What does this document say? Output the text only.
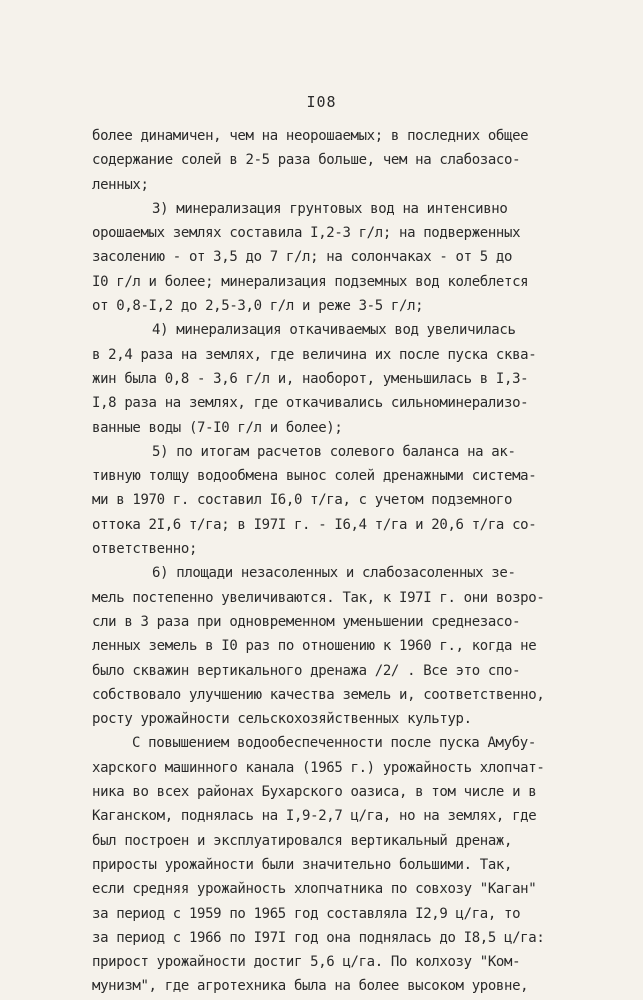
I08
более динамичен, чем на неорошаемых; в последних общее
содержание солей в 2-5 раза больше, чем на слабозасо-
ленных;
3) минерализация грунтовых вод на интенсивно
орошаемых землях составила I,2-3 г/л; на подверженных
засолению - от 3,5 до 7 г/л; на солончаках - от 5 до
I0 г/л и более; минерализация подземных вод колеблется
от 0,8-I,2 до 2,5-3,0 г/л и реже 3-5 г/л;
4) минерализация откачиваемых вод увеличилась
в 2,4 раза на землях, где величина их после пуска сква-
жин была 0,8 - 3,6 г/л и, наоборот, уменьшилась в I,3-
I,8 раза на землях, где откачивались сильноминерализо-
ванные воды (7-I0 г/л и более);
5) по итогам расчетов солевого баланса на ак-
тивную толщу водообмена вынос солей дренажными система-
ми в 1970 г. составил I6,0 т/га, с учетом подземного
оттока 2I,6 т/га; в I97I г. - I6,4 т/га и 20,6 т/га со-
ответственно;
6) площади незасоленных и слабозасоленных зе-
мель постепенно увеличиваются. Так, к I97I г. они возро-
сли в 3 раза при одновременном уменьшении среднезасо-
ленных земель в I0 раз по отношению к 1960 г., когда не
было скважин вертикального дренажа /2/ . Все это спо-
собствовало улучшению качества земель и, соответственно,
росту урожайности сельскохозяйственных культур.
С повышением водообеспеченности после пуска Амубу-
харского машинного канала (1965 г.) урожайность хлопчат-
ника во всех районах Бухарского оазиса, в том числе и в
Каганском, поднялась на I,9-2,7 ц/га, но на землях, где
был построен и эксплуатировался вертикальный дренаж,
приросты урожайности были значительно большими. Так,
если средняя урожайность хлопчатника по совхозу "Каган"
за период с 1959 по 1965 год составляла I2,9 ц/га, то
за период с 1966 по I97I год она поднялась до I8,5 ц/га:
прирост урожайности достиг 5,6 ц/га. По колхозу "Ком-
мунизм", где агротехника была на более высоком уровне,
